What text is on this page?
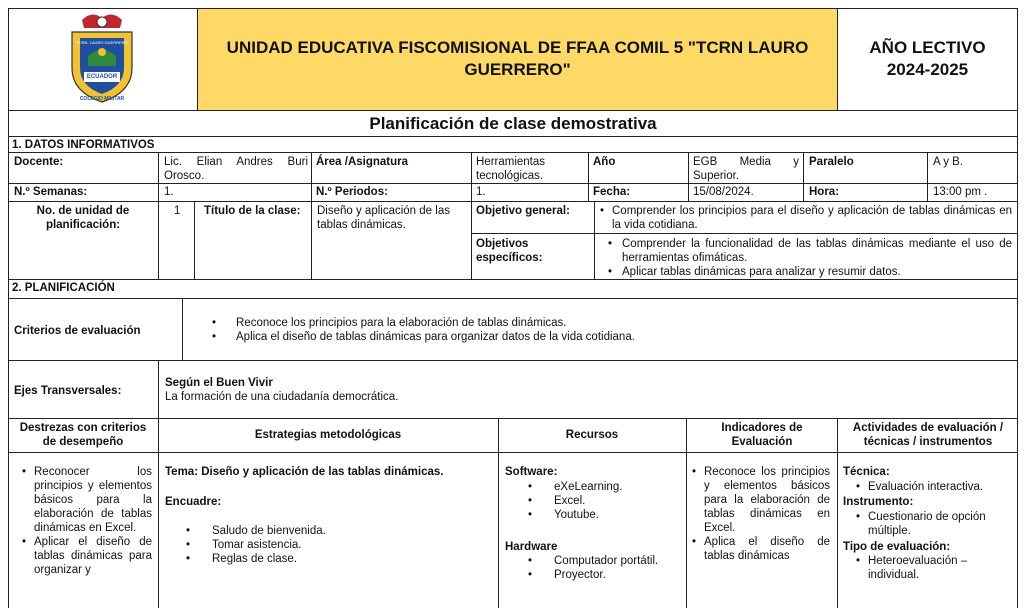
ECUADOR
"TCRN. LAURO GUERRERO"
COLEGIO MILITAR
UNIDAD EDUCATIVA FISCOMISIONAL DE FFAA COMIL 5 "TCRN LAURO GUERRERO"
AÑO LECTIVO
2024-2025
Planificación de clase demostrativa
1. DATOS INFORMATIVOS
Docente:	Lic. Elian Andres Buri Orosco.
Área /Asignatura	Herramientas tecnológicas.
Año	EGB Media y Superior.
Paralelo	A y B.
N.º Semanas:	1.	N.º Periodos:	1.	Fecha:	15/08/2024.	Hora:	13:00 pm .
No. de unidad de planificación:
1 Título de la clase:	Diseño y aplicación de las tablas dinámicas.
Objetivo general:
•	Comprender los principios para el diseño y aplicación de tablas dinámicas en la vida cotidiana.
Objetivos específicos:
• Comprender la funcionalidad de las tablas dinámicas mediante el uso de herramientas ofimáticas.
• Aplicar tablas dinámicas para analizar y resumir datos.
2. PLANIFICACIÓN
Criterios de evaluación
• Reconoce los principios para la elaboración de tablas dinámicas.
• Aplica el diseño de tablas dinámicas para organizar datos de la vida cotidiana.
Ejes Transversales:
Según el Buen Vivir
La formación de una ciudadanía democrática.
Destrezas con criterios de desempeño
Estrategias metodológicas	Recursos
Indicadores de Evaluación
Actividades de evaluación / técnicas / instrumentos
• Reconocer los principios y elementos básicos para la elaboración de tablas dinámicas en Excel.
• Aplicar el diseño de tablas dinámicas para organizar y
Tema: Diseño y aplicación de las tablas dinámicas.
Encuadre:
• Saludo de bienvenida.
• Tomar asistencia.
• Reglas de clase.
Software:
• eXeLearning.
• Excel.
• Youtube.
Hardware
• Computador portátil.
• Proyector.
• Reconoce los principios y elementos básicos para la elaboración de tablas dinámicas en Excel.
• Aplica el diseño de tablas dinámicas
Técnica:
• Evaluación interactiva.
Instrumento:
• Cuestionario de opción múltiple.
Tipo de evaluación:
• Heteroevaluación – individual.
